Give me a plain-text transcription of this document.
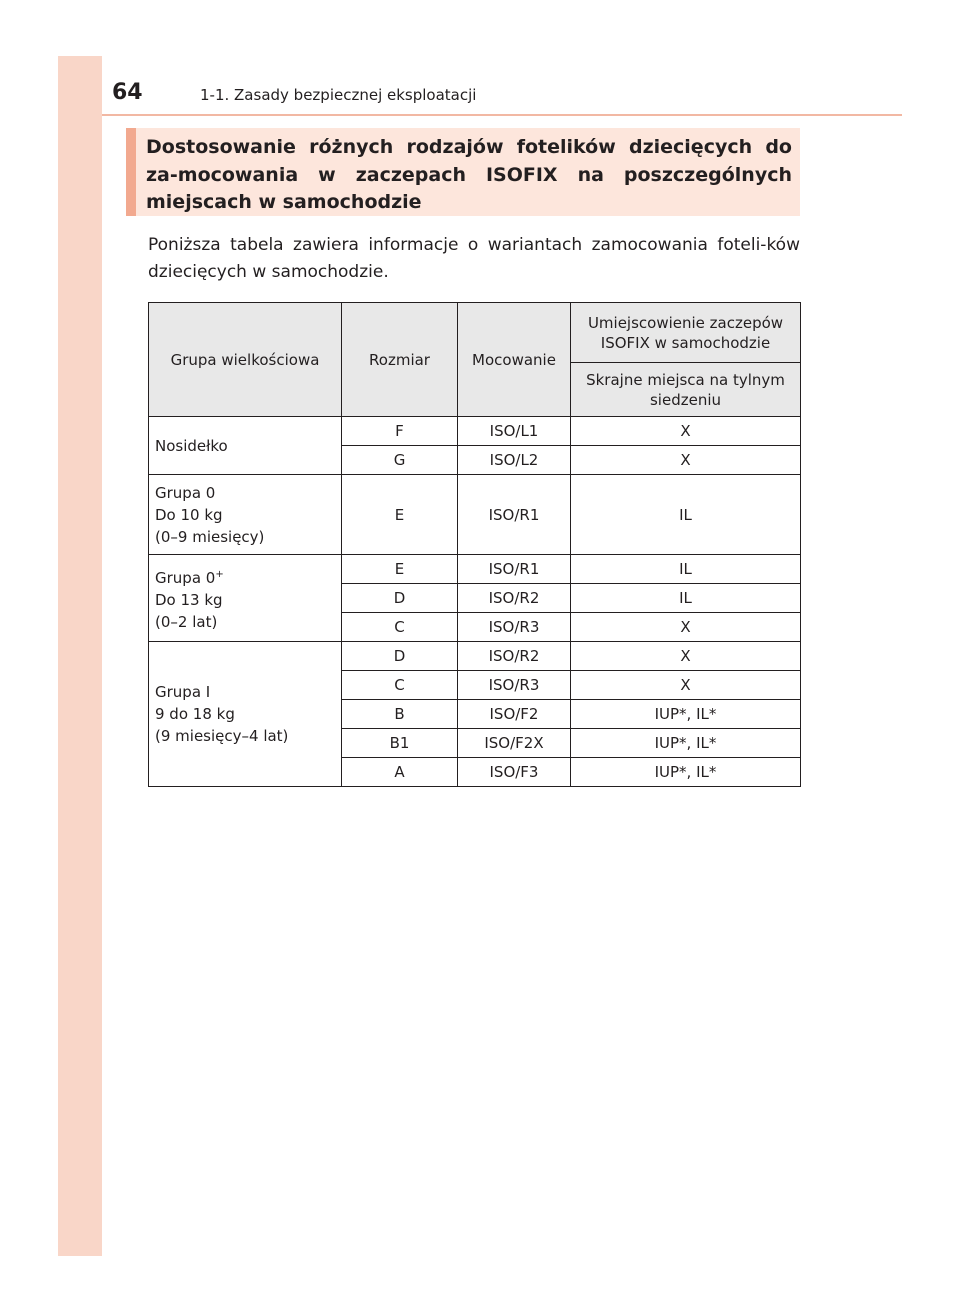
64	1-1. Zasady bezpiecznej eksploatacji
Dostosowanie różnych rodzajów fotelików dziecięcych do za-mocowania w zaczepach ISOFIX na poszczególnych miejscach w samochodzie
Poniższa tabela zawiera informacje o wariantach zamocowania foteli-ków dziecięcych w samochodzie.
Grupa wielkościowa	Rozmiar	Mocowanie	Umiejscowienie zaczepów ISOFIX w samochodzie
			Skrajne miejsca na tylnym siedzeniu

Nosidełko	F	ISO/L1	X
	G	ISO/L2	X

Grupa 0
Do 10 kg
(0–9 miesięcy)	E	ISO/R1	IL

Grupa 0+
Do 13 kg
(0–2 lat)	E	ISO/R1	IL
	D	ISO/R2	IL
	C	ISO/R3	X

Grupa I
9 do 18 kg
(9 miesięcy–4 lat)	D	ISO/R2	X
	C	ISO/R3	X
	B	ISO/F2	IUP*, IL*
	B1	ISO/F2X	IUP*, IL*
	A	ISO/F3	IUP*, IL*
